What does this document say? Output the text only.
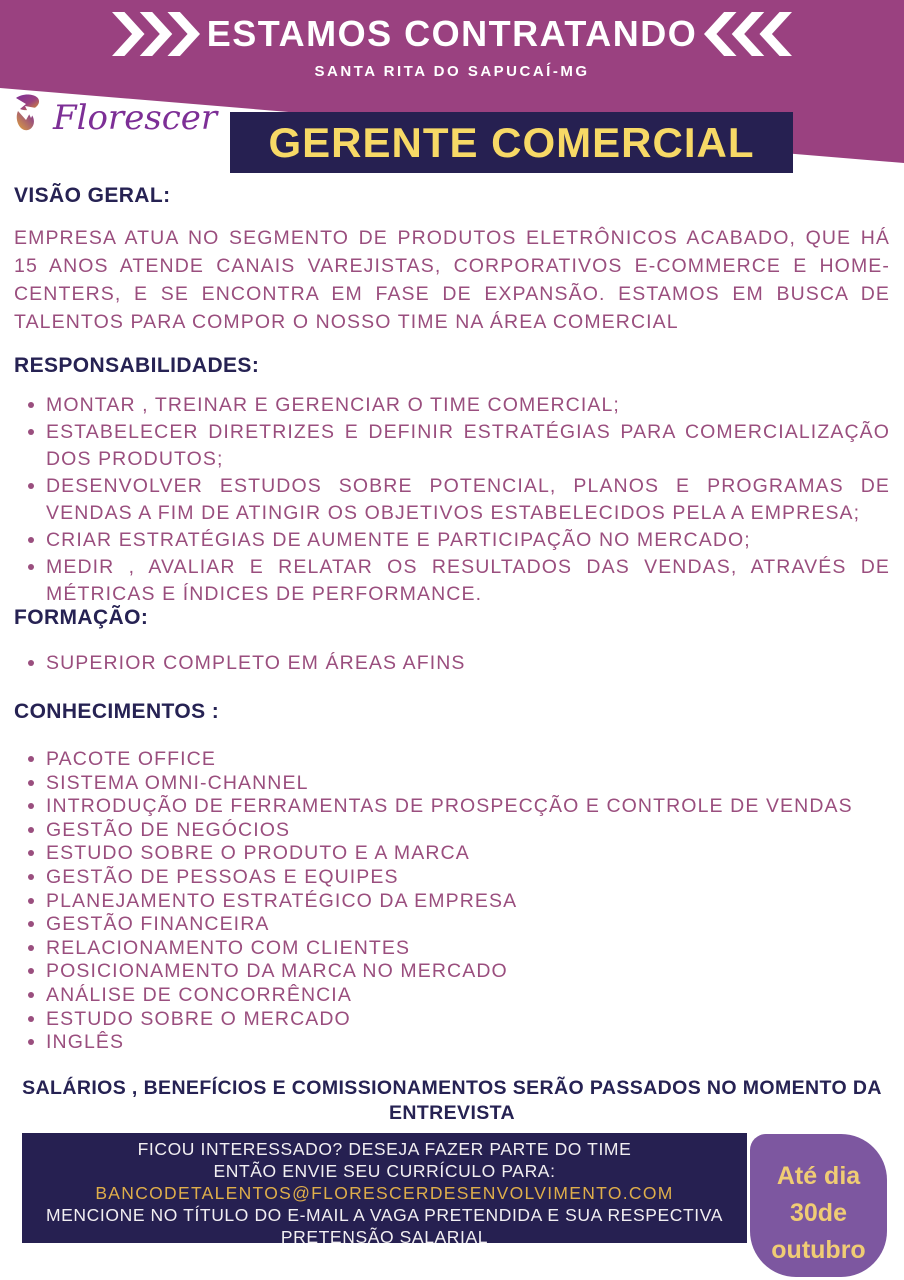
ESTAMOS CONTRATANDO
SANTA RITA DO SAPUCAÍ-MG
Florescer
GERENTE COMERCIAL
VISÃO GERAL:
EMPRESA ATUA NO SEGMENTO DE PRODUTOS ELETRÔNICOS ACABADO, QUE HÁ 15 ANOS ATENDE CANAIS VAREJISTAS, CORPORATIVOS E-COMMERCE E HOME-CENTERS, E SE ENCONTRA EM FASE DE EXPANSÃO. ESTAMOS EM BUSCA DE TALENTOS PARA COMPOR O NOSSO TIME NA ÁREA COMERCIAL
RESPONSABILIDADES:
MONTAR , TREINAR E GERENCIAR O TIME COMERCIAL;
ESTABELECER DIRETRIZES E DEFINIR ESTRATÉGIAS PARA COMERCIALIZAÇÃO DOS PRODUTOS;
DESENVOLVER ESTUDOS SOBRE POTENCIAL, PLANOS E PROGRAMAS DE VENDAS A FIM DE ATINGIR OS OBJETIVOS ESTABELECIDOS PELA A EMPRESA;
CRIAR ESTRATÉGIAS DE AUMENTE E PARTICIPAÇÃO NO MERCADO;
MEDIR , AVALIAR E RELATAR OS RESULTADOS DAS VENDAS, ATRAVÉS DE MÉTRICAS E ÍNDICES DE PERFORMANCE.
FORMAÇÃO:
SUPERIOR COMPLETO EM ÁREAS AFINS
CONHECIMENTOS :
PACOTE OFFICE
SISTEMA OMNI-CHANNEL
INTRODUÇÃO DE FERRAMENTAS DE PROSPECÇÃO E CONTROLE DE VENDAS
GESTÃO DE NEGÓCIOS
ESTUDO SOBRE O PRODUTO E A MARCA
GESTÃO DE PESSOAS E EQUIPES
PLANEJAMENTO ESTRATÉGICO DA EMPRESA
GESTÃO FINANCEIRA
RELACIONAMENTO COM CLIENTES
POSICIONAMENTO DA MARCA NO MERCADO
ANÁLISE DE CONCORRÊNCIA
ESTUDO SOBRE O MERCADO
INGLÊS
SALÁRIOS , BENEFÍCIOS E COMISSIONAMENTOS SERÃO PASSADOS NO MOMENTO DA ENTREVISTA
FICOU INTERESSADO? DESEJA FAZER PARTE DO TIME
ENTÃO ENVIE SEU CURRÍCULO PARA:
BANCODETALENTOS@FLORESCERDESENVOLVIMENTO.COM
MENCIONE NO TÍTULO DO E-MAIL A VAGA PRETENDIDA E SUA RESPECTIVA PRETENSÃO SALARIAL
Até dia
30de
outubro
